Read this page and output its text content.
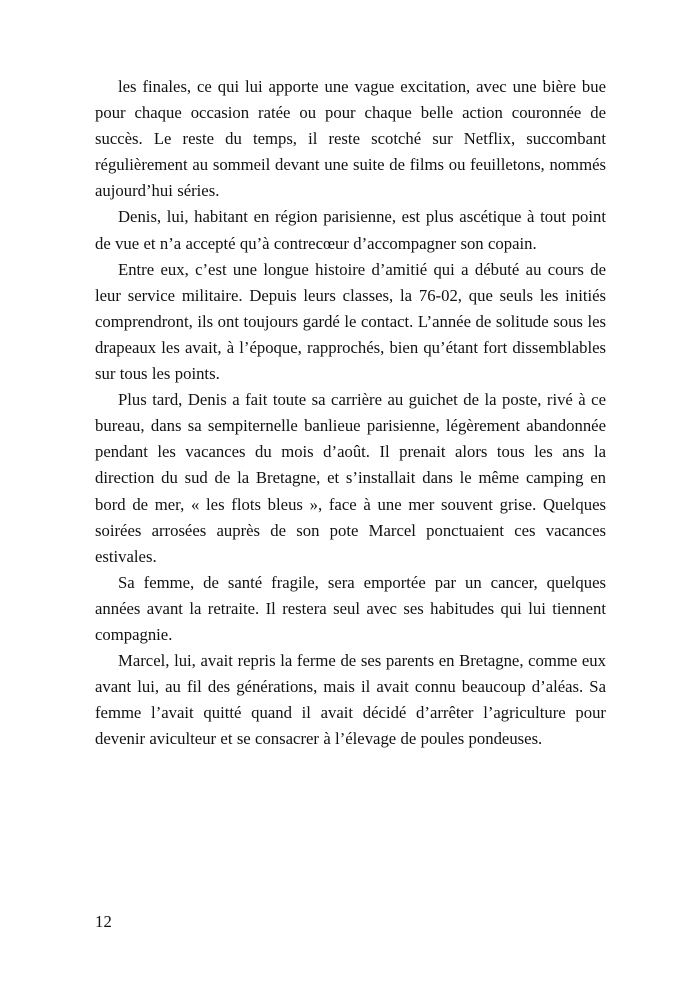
les finales, ce qui lui apporte une vague excitation, avec une bière bue pour chaque occasion ratée ou pour chaque belle action couronnée de succès. Le reste du temps, il reste scotché sur Netflix, succombant régulièrement au sommeil devant une suite de films ou feuilletons, nommés aujourd’hui séries.

Denis, lui, habitant en région parisienne, est plus ascétique à tout point de vue et n’a accepté qu’à contrecœur d’accompagner son copain.

Entre eux, c’est une longue histoire d’amitié qui a débuté au cours de leur service militaire. Depuis leurs classes, la 76-02, que seuls les initiés comprendront, ils ont toujours gardé le contact. L’année de solitude sous les drapeaux les avait, à l’époque, rapprochés, bien qu’étant fort dissemblables sur tous les points.

Plus tard, Denis a fait toute sa carrière au guichet de la poste, rivé à ce bureau, dans sa sempiternelle banlieue parisienne, légèrement abandonnée pendant les vacances du mois d’août. Il prenait alors tous les ans la direction du sud de la Bretagne, et s’installait dans le même camping en bord de mer, « les flots bleus », face à une mer souvent grise. Quelques soirées arrosées auprès de son pote Marcel ponctuaient ces vacances estivales.

Sa femme, de santé fragile, sera emportée par un cancer, quelques années avant la retraite. Il restera seul avec ses habitudes qui lui tiennent compagnie.

Marcel, lui, avait repris la ferme de ses parents en Bretagne, comme eux avant lui, au fil des générations, mais il avait connu beaucoup d’aléas. Sa femme l’avait quitté quand il avait décidé d’arrêter l’agriculture pour devenir aviculteur et se consacrer à l’élevage de poules pondeuses.

12
